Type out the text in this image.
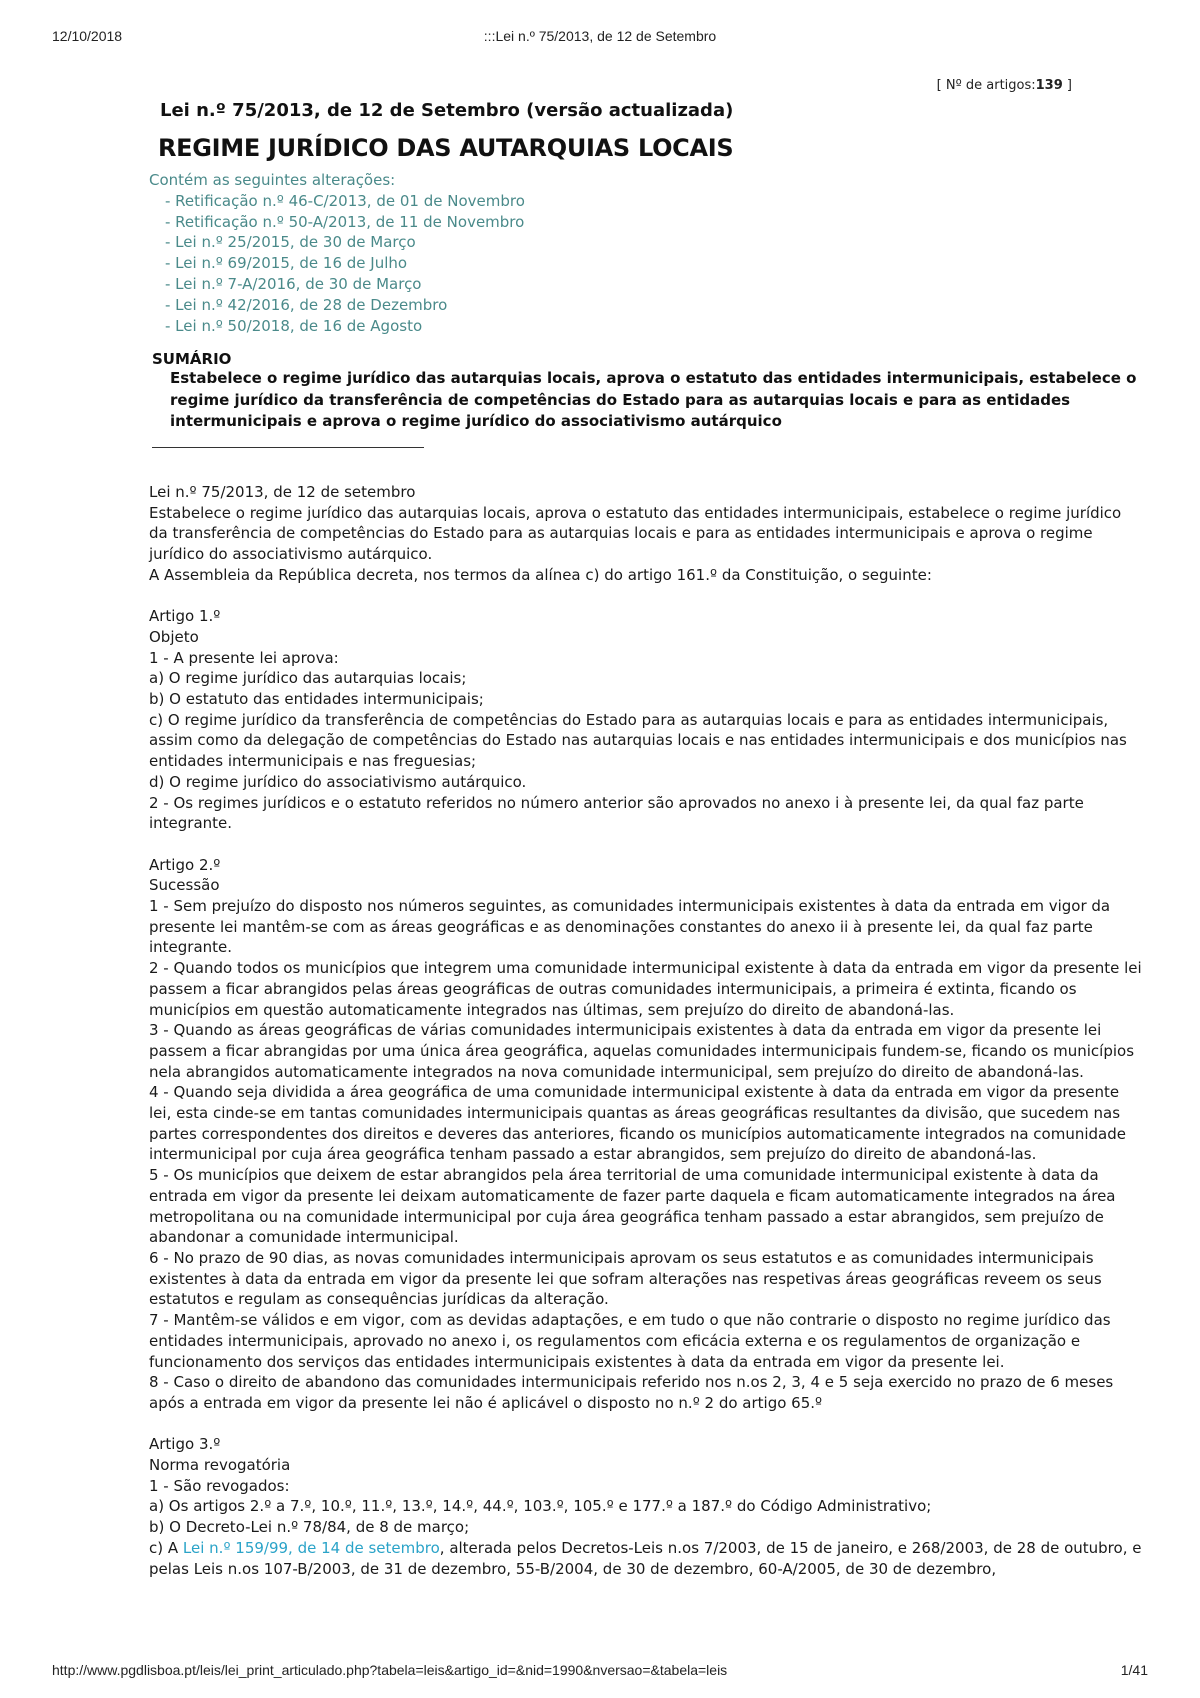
12/10/2018	:::Lei n.º 75/2013, de 12 de Setembro
[ Nº de artigos:139 ]
Lei n.º 75/2013, de 12 de Setembro (versão actualizada)
REGIME JURÍDICO DAS AUTARQUIAS LOCAIS
Contém as seguintes alterações:
- Retificação n.º 46-C/2013, de 01 de Novembro
- Retificação n.º 50-A/2013, de 11 de Novembro
- Lei n.º 25/2015, de 30 de Março
- Lei n.º 69/2015, de 16 de Julho
- Lei n.º 7-A/2016, de 30 de Março
- Lei n.º 42/2016, de 28 de Dezembro
- Lei n.º 50/2018, de 16 de Agosto
SUMÁRIO
Estabelece o regime jurídico das autarquias locais, aprova o estatuto das entidades intermunicipais, estabelece o regime jurídico da transferência de competências do Estado para as autarquias locais e para as entidades intermunicipais e aprova o regime jurídico do associativismo autárquico
Lei n.º 75/2013, de 12 de setembro
Estabelece o regime jurídico das autarquias locais, aprova o estatuto das entidades intermunicipais, estabelece o regime jurídico da transferência de competências do Estado para as autarquias locais e para as entidades intermunicipais e aprova o regime jurídico do associativismo autárquico.
A Assembleia da República decreta, nos termos da alínea c) do artigo 161.º da Constituição, o seguinte:
Artigo 1.º
Objeto
1 - A presente lei aprova:
a) O regime jurídico das autarquias locais;
b) O estatuto das entidades intermunicipais;
c) O regime jurídico da transferência de competências do Estado para as autarquias locais e para as entidades intermunicipais, assim como da delegação de competências do Estado nas autarquias locais e nas entidades intermunicipais e dos municípios nas entidades intermunicipais e nas freguesias;
d) O regime jurídico do associativismo autárquico.
2 - Os regimes jurídicos e o estatuto referidos no número anterior são aprovados no anexo i à presente lei, da qual faz parte integrante.
Artigo 2.º
Sucessão
1 - Sem prejuízo do disposto nos números seguintes, as comunidades intermunicipais existentes à data da entrada em vigor da presente lei mantêm-se com as áreas geográficas e as denominações constantes do anexo ii à presente lei, da qual faz parte integrante.
2 - Quando todos os municípios que integrem uma comunidade intermunicipal existente à data da entrada em vigor da presente lei passem a ficar abrangidos pelas áreas geográficas de outras comunidades intermunicipais, a primeira é extinta, ficando os municípios em questão automaticamente integrados nas últimas, sem prejuízo do direito de abandoná-las.
3 - Quando as áreas geográficas de várias comunidades intermunicipais existentes à data da entrada em vigor da presente lei passem a ficar abrangidas por uma única área geográfica, aquelas comunidades intermunicipais fundem-se, ficando os municípios nela abrangidos automaticamente integrados na nova comunidade intermunicipal, sem prejuízo do direito de abandoná-las.
4 - Quando seja dividida a área geográfica de uma comunidade intermunicipal existente à data da entrada em vigor da presente lei, esta cinde-se em tantas comunidades intermunicipais quantas as áreas geográficas resultantes da divisão, que sucedem nas partes correspondentes dos direitos e deveres das anteriores, ficando os municípios automaticamente integrados na comunidade intermunicipal por cuja área geográfica tenham passado a estar abrangidos, sem prejuízo do direito de abandoná-las.
5 - Os municípios que deixem de estar abrangidos pela área territorial de uma comunidade intermunicipal existente à data da entrada em vigor da presente lei deixam automaticamente de fazer parte daquela e ficam automaticamente integrados na área metropolitana ou na comunidade intermunicipal por cuja área geográfica tenham passado a estar abrangidos, sem prejuízo de abandonar a comunidade intermunicipal.
6 - No prazo de 90 dias, as novas comunidades intermunicipais aprovam os seus estatutos e as comunidades intermunicipais existentes à data da entrada em vigor da presente lei que sofram alterações nas respetivas áreas geográficas reveem os seus estatutos e regulam as consequências jurídicas da alteração.
7 - Mantêm-se válidos e em vigor, com as devidas adaptações, e em tudo o que não contrarie o disposto no regime jurídico das entidades intermunicipais, aprovado no anexo i, os regulamentos com eficácia externa e os regulamentos de organização e funcionamento dos serviços das entidades intermunicipais existentes à data da entrada em vigor da presente lei.
8 - Caso o direito de abandono das comunidades intermunicipais referido nos n.os 2, 3, 4 e 5 seja exercido no prazo de 6 meses após a entrada em vigor da presente lei não é aplicável o disposto no n.º 2 do artigo 65.º
Artigo 3.º
Norma revogatória
1 - São revogados:
a) Os artigos 2.º a 7.º, 10.º, 11.º, 13.º, 14.º, 44.º, 103.º, 105.º e 177.º a 187.º do Código Administrativo;
b) O Decreto-Lei n.º 78/84, de 8 de março;
c) A Lei n.º 159/99, de 14 de setembro, alterada pelos Decretos-Leis n.os 7/2003, de 15 de janeiro, e 268/2003, de 28 de outubro, e pelas Leis n.os 107-B/2003, de 31 de dezembro, 55-B/2004, de 30 de dezembro, 60-A/2005, de 30 de dezembro,
http://www.pgdlisboa.pt/leis/lei_print_articulado.php?tabela=leis&artigo_id=&nid=1990&nversao=&tabela=leis	1/41
